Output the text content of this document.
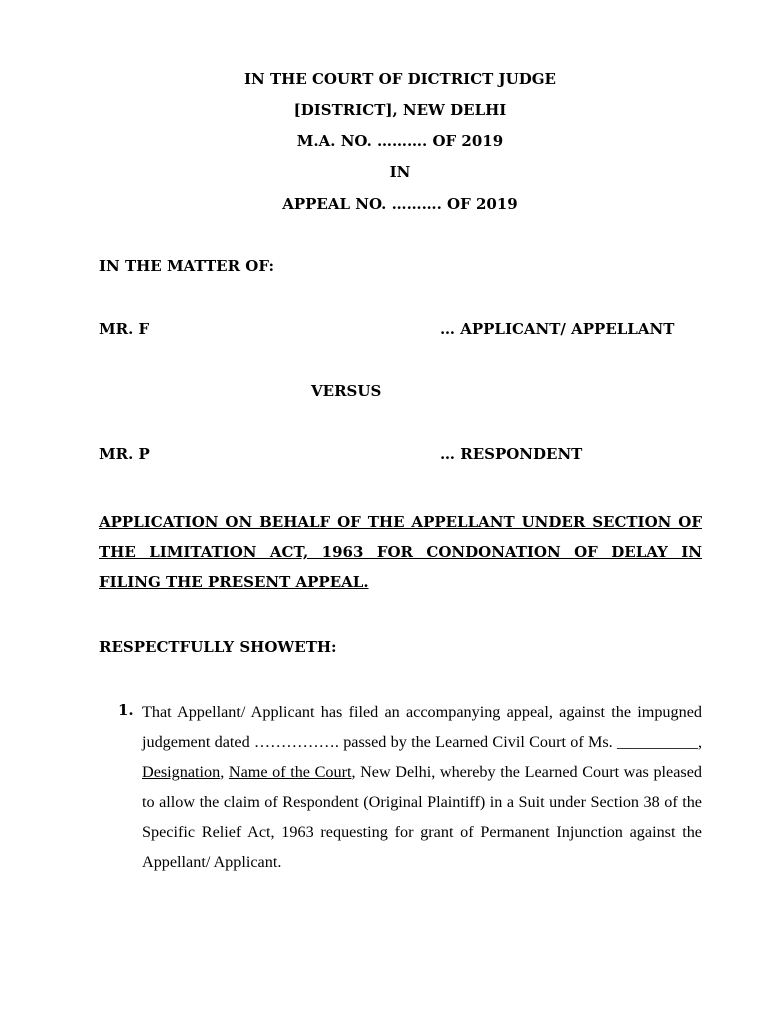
IN THE COURT OF DICTRICT JUDGE
[DISTRICT], NEW DELHI
M.A. NO. ………. OF 2019
IN
APPEAL NO. ………. OF 2019
IN THE MATTER OF:
MR. F	… APPLICANT/ APPELLANT
VERSUS
MR. P	… RESPONDENT
APPLICATION ON BEHALF OF THE APPELLANT UNDER SECTION OF THE LIMITATION ACT, 1963 FOR CONDONATION OF DELAY IN FILING THE PRESENT APPEAL.
RESPECTFULLY SHOWETH:
1. That Appellant/ Applicant has filed an accompanying appeal, against the impugned judgement dated ……………. passed by the Learned Civil Court of Ms. __________, Designation, Name of the Court, New Delhi, whereby the Learned Court was pleased to allow the claim of Respondent (Original Plaintiff) in a Suit under Section 38 of the Specific Relief Act, 1963 requesting for grant of Permanent Injunction against the Appellant/ Applicant.
